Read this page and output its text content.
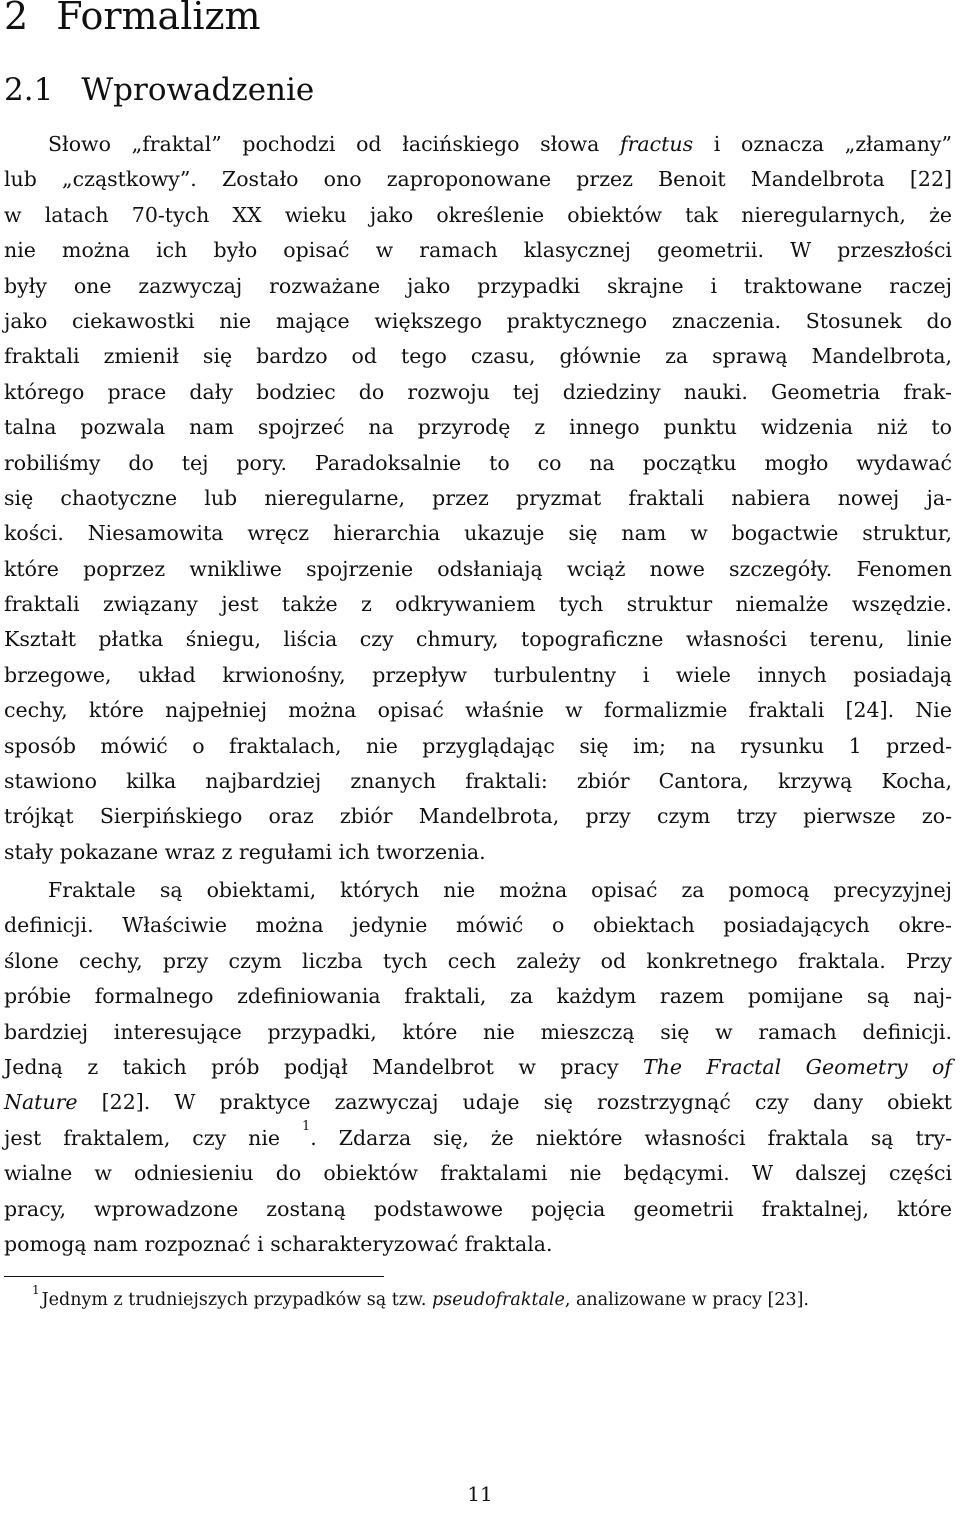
2 Formalizm
2.1 Wprowadzenie
Słowo „fraktal” pochodzi od łacińskiego słowa fractus i oznacza „złamany”
lub „cząstkowy”. Zostało ono zaproponowane przez Benoit Mandelbrota [22]
w latach 70-tych XX wieku jako określenie obiektów tak nieregularnych, że
nie można ich było opisać w ramach klasycznej geometrii. W przeszłości
były one zazwyczaj rozważane jako przypadki skrajne i traktowane raczej
jako ciekawostki nie mające większego praktycznego znaczenia. Stosunek do
fraktali zmienił się bardzo od tego czasu, głównie za sprawą Mandelbrota,
którego prace dały bodziec do rozwoju tej dziedziny nauki. Geometria frak-
talna pozwala nam spojrzeć na przyrodę z innego punktu widzenia niż to
robiliśmy do tej pory. Paradoksalnie to co na początku mogło wydawać
się chaotyczne lub nieregularne, przez pryzmat fraktali nabiera nowej ja-
kości. Niesamowita wręcz hierarchia ukazuje się nam w bogactwie struktur,
które poprzez wnikliwe spojrzenie odsłaniają wciąż nowe szczegóły. Fenomen
fraktali związany jest także z odkrywaniem tych struktur niemalże wszędzie.
Kształt płatka śniegu, liścia czy chmury, topograficzne własności terenu, linie
brzegowe, układ krwionośny, przepływ turbulentny i wiele innych posiadają
cechy, które najpełniej można opisać właśnie w formalizmie fraktali [24]. Nie
sposób mówić o fraktalach, nie przyglądając się im; na rysunku 1 przed-
stawiono kilka najbardziej znanych fraktali: zbiór Cantora, krzywą Kocha,
trójkąt Sierpińskiego oraz zbiór Mandelbrota, przy czym trzy pierwsze zo-
stały pokazane wraz z regułami ich tworzenia.
Fraktale są obiektami, których nie można opisać za pomocą precyzyjnej
definicji. Właściwie można jedynie mówić o obiektach posiadających okre-
ślone cechy, przy czym liczba tych cech zależy od konkretnego fraktala. Przy
próbie formalnego zdefiniowania fraktali, za każdym razem pomijane są naj-
bardziej interesujące przypadki, które nie mieszczą się w ramach definicji.
Jedną z takich prób podjął Mandelbrot w pracy The Fractal Geometry of
Nature [22]. W praktyce zazwyczaj udaje się rozstrzygnąć czy dany obiekt
jest fraktalem, czy nie $^1$. Zdarza się, że niektóre własności fraktala są try-
wialne w odniesieniu do obiektów fraktalami nie będącymi. W dalszej części
pracy, wprowadzone zostaną podstawowe pojęcia geometrii fraktalnej, które
pomogą nam rozpoznać i scharakteryzować fraktala.

$^1$ Jednym z trudniejszych przypadków są tzw. pseudofraktale, analizowane w pracy [23].

11
